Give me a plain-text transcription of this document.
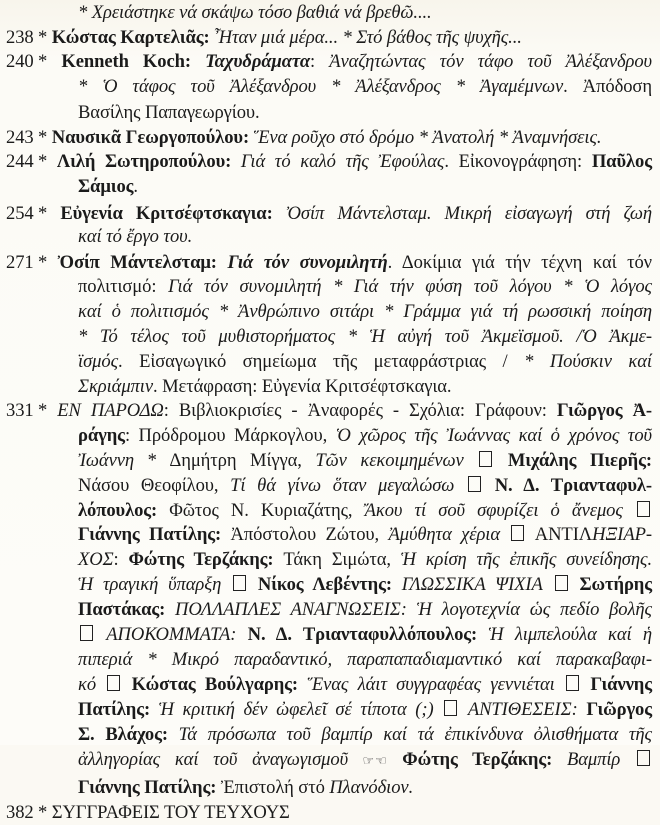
* Χρειάστηκε νά σκάψω τόσο βαθιά νά βρεθῶ....
238 * Κώστας Καρτελιᾶς: Ἦταν μιά μέρα... * Στό βάθος τῆς ψυχῆς...
240 * Kenneth Koch: Ταχυδράματα: Ἀναζητώντας τόν τάφο τοῦ Ἀλέξανδρου
* Ὁ τάφος τοῦ Ἀλέξανδρου * Ἀλέξανδρος * Ἀγαμέμνων. Ἀπόδοση
Βασίλης Παπαγεωργίου.
243 * Ναυσικᾶ Γεωργοπούλου: Ἕνα ροῦχο στό δρόμο * Ἀνατολή * Ἀναμνήσεις.
244 * Λιλή Σωτηροπούλου: Γιά τό καλό τῆς Ἐφούλας. Εἰκονογράφηση: Παῦλος
Σάμιος.
254 * Εὐγενία Κριτσέφτσκαγια: Ὀσίπ Μάντελσταμ. Μικρή εἰσαγωγή στή ζωή
καί τό ἔργο του.
271 * Ὀσίπ Μάντελσταμ: Γιά τόν συνομιλητή. Δοκίμια γιά τήν τέχνη καί τόν
πολιτισμό: Γιά τόν συνομιλητή * Γιά τήν φύση τοῦ λόγου * Ὁ λόγος
καί ὁ πολιτισμός * Ἀνθρώπινο σιτάρι * Γράμμα γιά τή ρωσσική ποίηση
* Τό τέλος τοῦ μυθιστορήματος * Ἡ αὐγή τοῦ Ἀκμεϊσμοῦ. /Ὁ Ἀκμε-
ϊσμός. Εἰσαγωγικό σημείωμα τῆς μεταφράστριας / * Πούσκιν καί
Σκριάμπιν. Μετάφραση: Εὐγενία Κριτσέφτσκαγια.
331 * ΕΝ ΠΑΡΟΔΩ: Βιβλιοκρισίες - Ἀναφορές - Σχόλια: Γράφουν: Γιῶργος Ἀ-
ράγης: Πρόδρομου Μάρκογλου, Ὁ χῶρος τῆς Ἰωάννας καί ὁ χρόνος τοῦ
Ἰωάννη * Δημήτρη Μίγγα, Τῶν κεκοιμημένων Μιχάλης Πιερῆς:
Νάσου Θεοφίλου, Τί θά γίνω ὅταν μεγαλώσω Ν. Δ. Τριανταφυλ-
λόπουλος: Φῶτος Ν. Κυριαζάτης, Ἄκου τί σοῦ σφυρίζει ὁ ἄνεμος
Γιάννης Πατίλης: Ἀπόστολου Ζώτου, Ἀμύθητα χέρια ΑΝΤΙΛΗΞΙΑΡ-
ΧΟΣ: Φώτης Τερζάκης: Τάκη Σιμώτα, Ἡ κρίση τῆς ἐπικῆς συνείδησης.
Ἡ τραγική ὕπαρξη Νίκος Λεβέντης: ΓΛΩΣΣΙΚΑ ΨΙΧΙΑ Σωτήρης
Παστάκας: ΠΟΛΛΑΠΛΕΣ ΑΝΑΓΝΩΣΕΙΣ: Ἡ λογοτεχνία ὡς πεδίο βολῆς
ΑΠΟΚΟΜΜΑΤΑ: Ν. Δ. Τριανταφυλλόπουλος: Ἡ λιμπελούλα καί ἡ
πιπεριά * Μικρό παραδαντικό, παραπαπαδιαμαντικό καί παρακαβαφι-
κό Κώστας Βούλγαρης: Ἕνας λάιτ συγγραφέας γεννιέται Γιάννης
Πατίλης: Ἡ κριτική δέν ὠφελεῖ σέ τίποτα (;) ΑΝΤΙΘΕΣΕΙΣ: Γιῶργος
Σ. Βλάχος: Τά πρόσωπα τοῦ βαμπίρ καί τά ἐπικίνδυνα ὀλισθήματα τῆς
ἀλληγορίας καί τοῦ ἀναγωγισμοῦ ☞☜ Φώτης Τερζάκης: Βαμπίρ
Γιάννης Πατίλης: Ἐπιστολή στό Πλανόδιον.
382 * ΣΥΓΓΡΑΦΕΙΣ ΤΟΥ ΤΕΥΧΟΥΣ
